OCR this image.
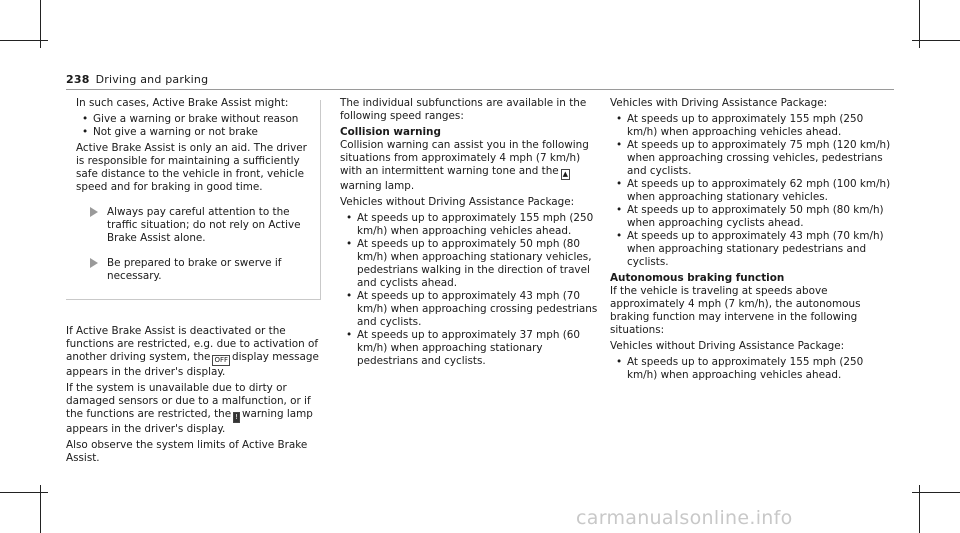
238 Driving and parking

In such cases, Active Brake Assist might:

• Give a warning or brake without reason
• Not give a warning or not brake

Active Brake Assist is only an aid. The driver is responsible for maintaining a sufficiently safe distance to the vehicle in front, vehicle speed and for braking in good time.

Always pay careful attention to the traffic situation; do not rely on Active Brake Assist alone.
Be prepared to brake or swerve if necessary.

If Active Brake Assist is deactivated or the functions are restricted, e.g. due to activation of another driving system, the OFF display message appears in the driver's display.

If the system is unavailable due to dirty or damaged sensors or due to a malfunction, or if the functions are restricted, the ! warning lamp appears in the driver's display.

Also observe the system limits of Active Brake Assist.

The individual subfunctions are available in the following speed ranges:

Collision warning

Collision warning can assist you in the following situations from approximately 4 mph (7 km/h) with an intermittent warning tone and the ▲warning lamp.

Vehicles without Driving Assistance Package:

• At speeds up to approximately 155 mph (250 km/h) when approaching vehicles ahead.
• At speeds up to approximately 50 mph (80 km/h) when approaching stationary vehicles, pedestrians walking in the direction of travel and cyclists ahead.
• At speeds up to approximately 43 mph (70 km/h) when approaching crossing pedestrians and cyclists.
• At speeds up to approximately 37 mph (60 km/h) when approaching stationary pedestrians and cyclists.

Vehicles with Driving Assistance Package:

• At speeds up to approximately 155 mph (250 km/h) when approaching vehicles ahead.
• At speeds up to approximately 75 mph (120 km/h) when approaching crossing vehicles, pedestrians and cyclists.
• At speeds up to approximately 62 mph (100 km/h) when approaching stationary vehicles.
• At speeds up to approximately 50 mph (80 km/h) when approaching cyclists ahead.
• At speeds up to approximately 43 mph (70 km/h) when approaching stationary pedestrians and cyclists.

Autonomous braking function

If the vehicle is traveling at speeds above approximately 4 mph (7 km/h), the autonomous braking function may intervene in the following situations:

Vehicles without Driving Assistance Package:

• At speeds up to approximately 155 mph (250 km/h) when approaching vehicles ahead.
carmanualsonline.info
